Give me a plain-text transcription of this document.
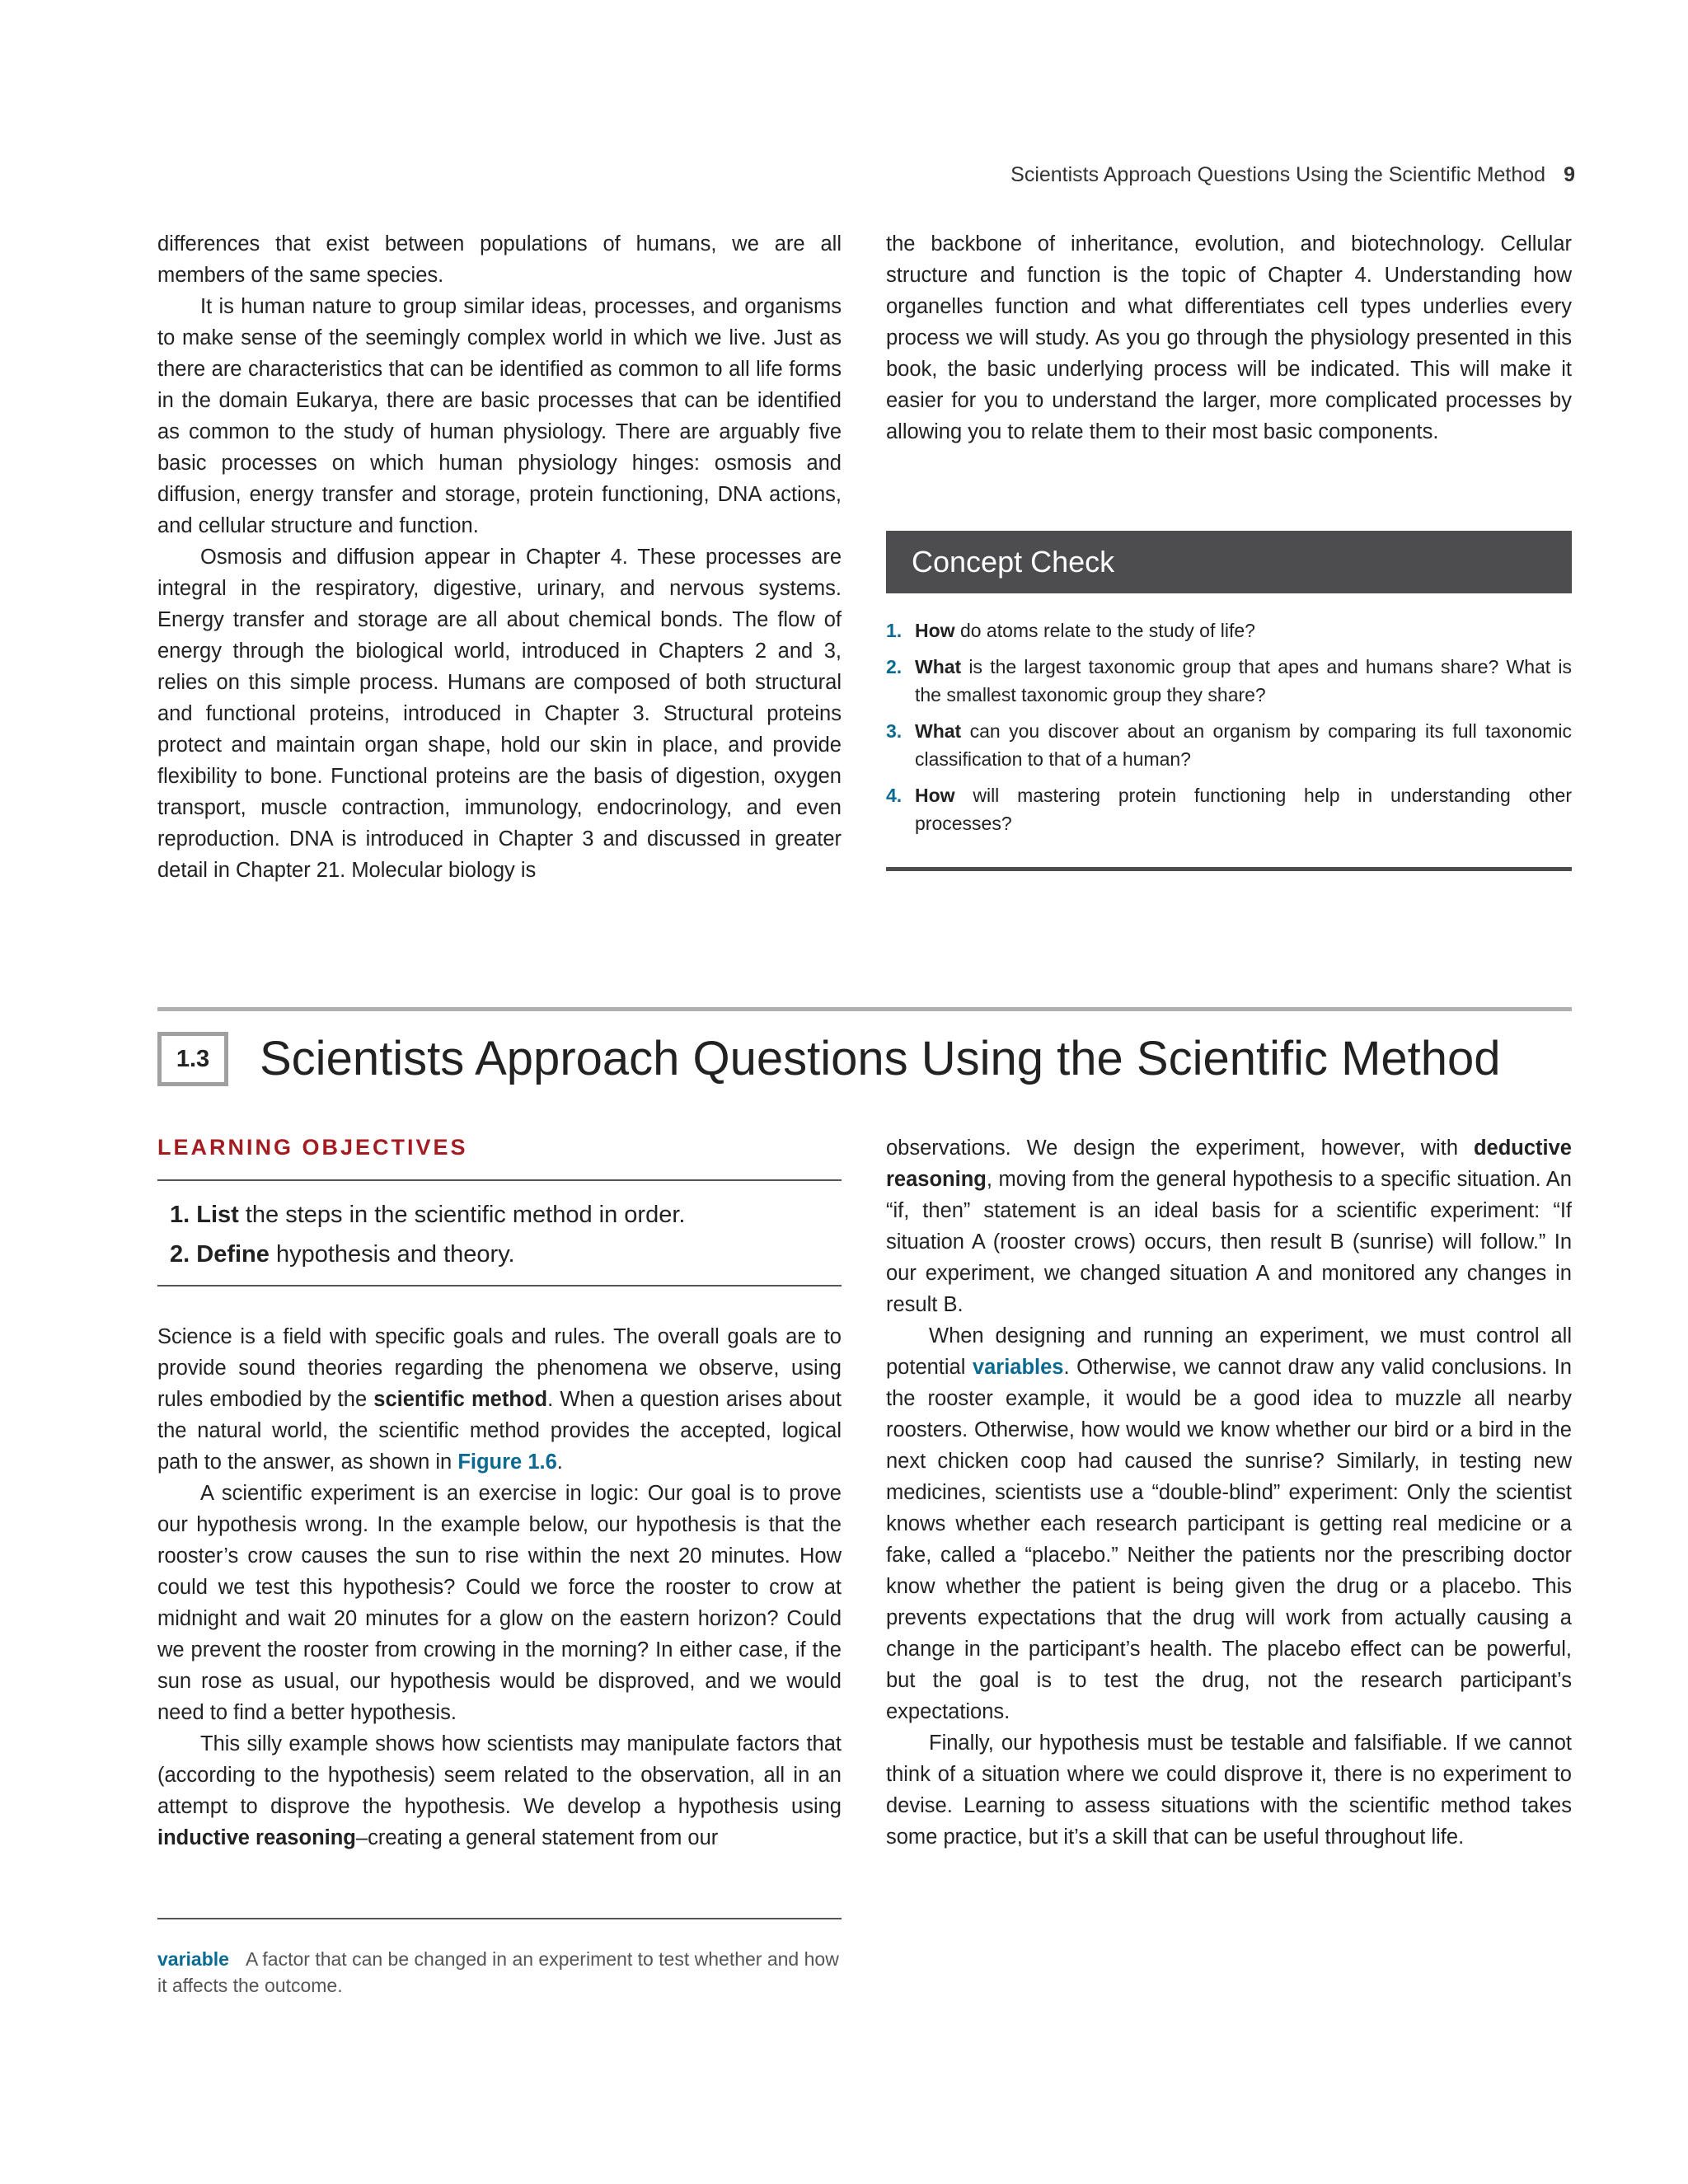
Scientists Approach Questions Using the Scientific Method 9

differences that exist between populations of humans, we are all members of the same species.

It is human nature to group similar ideas, processes, and organisms to make sense of the seemingly complex world in which we live. Just as there are characteristics that can be identified as common to all life forms in the domain Eukarya, there are basic processes that can be identified as common to the study of human physiology. There are arguably five basic processes on which human physiology hinges: osmosis and diffusion, energy transfer and storage, protein functioning, DNA actions, and cellular structure and function.

Osmosis and diffusion appear in Chapter 4. These processes are integral in the respiratory, digestive, urinary, and nervous systems. Energy transfer and storage are all about chemical bonds. The flow of energy through the biological world, introduced in Chapters 2 and 3, relies on this simple process. Humans are composed of both structural and functional proteins, introduced in Chapter 3. Structural proteins protect and maintain organ shape, hold our skin in place, and provide flexibility to bone. Functional proteins are the basis of digestion, oxygen transport, muscle contraction, immunology, endocrinology, and even reproduction. DNA is introduced in Chapter 3 and discussed in greater detail in Chapter 21. Molecular biology is

the backbone of inheritance, evolution, and biotechnology. Cellular structure and function is the topic of Chapter 4. Understanding how organelles function and what differentiates cell types underlies every process we will study. As you go through the physiology presented in this book, the basic underlying process will be indicated. This will make it easier for you to understand the larger, more complicated processes by allowing you to relate them to their most basic components.

Concept Check
1. How do atoms relate to the study of life?
2. What is the largest taxonomic group that apes and humans share? What is the smallest taxonomic group they share?
3. What can you discover about an organism by comparing its full taxonomic classification to that of a human?
4. How will mastering protein functioning help in understanding other processes?
1.3	Scientists Approach Questions Using the Scientific Method
LEARNING OBJECTIVES
1. List the steps in the scientific method in order.
2. Define hypothesis and theory.

Science is a field with specific goals and rules. The overall goals are to provide sound theories regarding the phenomena we observe, using rules embodied by the scientific method. When a question arises about the natural world, the scientific method provides the accepted, logical path to the answer, as shown in Figure 1.6.

A scientific experiment is an exercise in logic: Our goal is to prove our hypothesis wrong. In the example below, our hypothesis is that the rooster’s crow causes the sun to rise within the next 20 minutes. How could we test this hypothesis? Could we force the rooster to crow at midnight and wait 20 minutes for a glow on the eastern horizon? Could we prevent the rooster from crowing in the morning? In either case, if the sun rose as usual, our hypothesis would be disproved, and we would need to find a better hypothesis.

This silly example shows how scientists may manipulate factors that (according to the hypothesis) seem related to the observation, all in an attempt to disprove the hypothesis. We develop a hypothesis using inductive reasoning–creating a general statement from our

observations. We design the experiment, however, with deductive reasoning, moving from the general hypothesis to a specific situation. An “if, then” statement is an ideal basis for a scientific experiment: “If situation A (rooster crows) occurs, then result B (sunrise) will follow.” In our experiment, we changed situation A and monitored any changes in result B.

When designing and running an experiment, we must control all potential variables. Otherwise, we cannot draw any valid conclusions. In the rooster example, it would be a good idea to muzzle all nearby roosters. Otherwise, how would we know whether our bird or a bird in the next chicken coop had caused the sunrise? Similarly, in testing new medicines, scientists use a “double-blind” experiment: Only the scientist knows whether each research participant is getting real medicine or a fake, called a “placebo.” Neither the patients nor the prescribing doctor know whether the patient is being given the drug or a placebo. This prevents expectations that the drug will work from actually causing a change in the participant’s health. The placebo effect can be powerful, but the goal is to test the drug, not the research participant’s expectations.

Finally, our hypothesis must be testable and falsifiable. If we cannot think of a situation where we could disprove it, there is no experiment to devise. Learning to assess situations with the scientific method takes some practice, but it’s a skill that can be useful throughout life.

variable A factor that can be changed in an experiment to test whether and how it affects the outcome.
